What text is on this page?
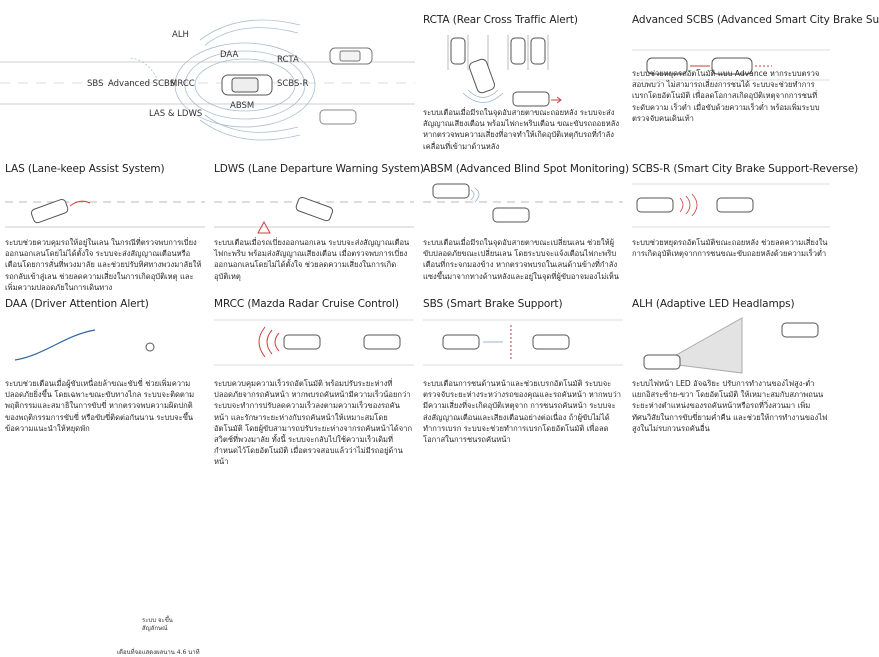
ALH
DAA	RCTA
SBS Advanced SCBS
MRCC	SCBS-R
ABSM
LAS & LDWS
RCTA (Rear Cross Traffic Alert)
ระบบเตือนเมื่อมีรถในจุดอับสายตาขณะถอยหลัง ระบบจะส่งสัญญาณเสียงเตือน พร้อมไฟกะพริบเตือน ขณะขับรถถอยหลัง หากตรวจพบความเสี่ยงที่อาจทำให้เกิดอุบัติเหตุกับรถที่กำลังเคลื่อนที่เข้ามาด้านหลัง
Advanced SCBS (Advanced Smart City Brake Su
ระบบช่วยหยุดรถอัตโนมัติ แบบ Advance หากระบบตรวจสอบพบว่า ไม่สามารถเลี่ยงการชนได้ ระบบจะช่วยทำการเบรกโดยอัตโนมัติ เพื่อลดโอกาสเกิดอุบัติเหตุจากการชนที่ระดับความ เร็วต่ำ เมื่อขับด้วยความเร็วต่ำ พร้อมเพิ่มระบบตรวจจับคนเดินเท้า
LAS (Lane-keep Assist System)
ระบบช่วยควบคุมรถให้อยู่ในเลน ในกรณีที่ตรวจพบการเบี่ยงออกนอกเลนโดยไม่ได้ตั้งใจ ระบบจะส่งสัญญาณเตือนหรือเตือนโดยการสั่นที่พวงมาลัย และช่วยปรับทิศทางพวงมาลัยให้รถกลับเข้าสู่เลน ช่วยลดความเสี่ยงในการเกิดอุบัติเหตุ และเพิ่มความปลอดภัยในการเดินทาง
LDWS (Lane Departure Warning System)
ระบบเตือนเมื่อรถเบี่ยงออกนอกเลน ระบบจะส่งสัญญาณเตือนไฟกะพริบ พร้อมส่งสัญญาณเสียงเตือน เมื่อตรวจพบการเบี่ยงออกนอกเลนโดยไม่ได้ตั้งใจ ช่วยลดความเสี่ยงในการเกิดอุบัติเหตุ
ABSM (Advanced Blind Spot Monitoring)
ระบบเตือนเมื่อมีรถในจุดอับสายตาขณะเปลี่ยนเลน ช่วยให้ผู้ขับปลอดภัยขณะเปลี่ยนเลน โดยระบบจะแจ้งเตือนไฟกะพริบเตือนที่กระจกมองข้าง หากตรวจพบรถในเลนด้านข้างที่กำลังแซงขึ้นมาจากทางด้านหลังและอยู่ในจุดที่ผู้ขับอาจมองไม่เห็น
SCBS-R (Smart City Brake Support-Reverse)
ระบบช่วยหยุดรถอัตโนมัติขณะถอยหลัง ช่วยลดความเสี่ยงในการเกิดอุบัติเหตุจากการชนขณะขับถอยหลังด้วยความเร็วต่ำ
DAA (Driver Attention Alert)
ระบบ จะขึ้นสัญลักษณ์
เตือนที่จอแสดงผลนาน 4.6 นาที
ระบบช่วยเตือนเมื่อผู้ขับเหนื่อยล้าขณะขับขี่ ช่วยเพิ่มความปลอดภัยยิ่งขึ้น โดยเฉพาะขณะขับทางไกล ระบบจะติดตามพฤติกรรมและสมาธิในการขับขี่ หากตรวจพบความผิดปกติของพฤติกรรมการขับขี่ หรือขับขี่ติดต่อกันนาน ระบบจะขึ้นข้อความแนะนำให้หยุดพัก
MRCC (Mazda Radar Cruise Control)
ระบบควบคุมความเร็วรถอัตโนมัติ พร้อมปรับระยะห่างที่ปลอดภัยจากรถคันหน้า หากพบรถคันหน้ามีความเร็วน้อยกว่า ระบบจะทำการปรับลดความเร็วลงตามความเร็วของรถคันหน้า และรักษาระยะห่างกับรถคันหน้าให้เหมาะสมโดยอัตโนมัติ โดยผู้ขับสามารถปรับระยะห่างจากรถคันหน้าได้จากสวิตช์ที่พวงมาลัย ทั้งนี้ ระบบจะกลับไปใช้ความเร็วเดิมที่กำหนดไว้โดยอัตโนมัติ เมื่อตรวจสอบแล้วว่าไม่มีรถอยู่ด้านหน้า
SBS (Smart Brake Support)
ระบบเตือนการชนด้านหน้าและช่วยเบรกอัตโนมัติ ระบบจะตรวจจับระยะห่างระหว่างรถของคุณและรถคันหน้า หากพบว่ามีความเสี่ยงที่จะเกิดอุบัติเหตุจาก การชนรถคันหน้า ระบบจะส่งสัญญาณเตือนและเสียงเตือนอย่างต่อเนื่อง ถ้าผู้ขับไม่ได้ทำการเบรก ระบบจะช่วยทำการเบรกโดยอัตโนมัติ เพื่อลดโอกาสในการชนรถคันหน้า
ALH (Adaptive LED Headlamps)
ระบบไฟหน้า LED อัจฉริยะ ปรับการทำงานของไฟสูง-ต่ำ แยกอิสระซ้าย-ขวา โดยอัตโนมัติ ให้เหมาะสมกับสภาพถนนระยะห่างตำแหน่งของรถคันหน้าหรือรถที่วิ่งสวนมา เพิ่มทัศนวิสัยในการขับขี่ยามค่ำคืน และช่วยให้การทำงานของไฟสูงในไม่รบกวนรถคันอื่น
